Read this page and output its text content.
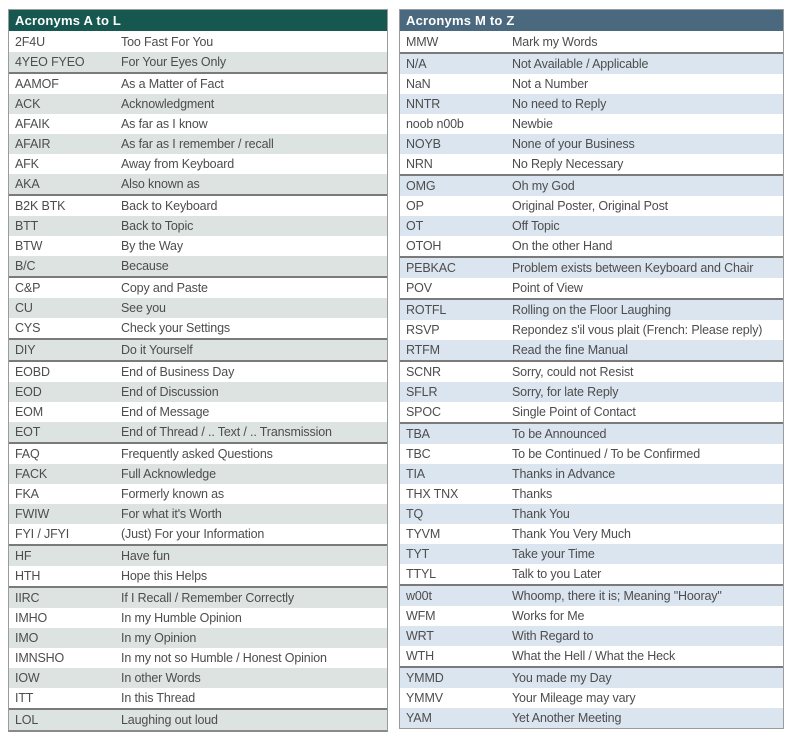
Acronyms A to L
2F4U	Too Fast For You
4YEO FYEO	For Your Eyes Only
AAMOF	As a Matter of Fact
ACK	Acknowledgment
AFAIK	As far as I know
AFAIR	As far as I remember / recall
AFK	Away from Keyboard
AKA	Also known as
B2K BTK	Back to Keyboard
BTT	Back to Topic
BTW	By the Way
B/C	Because
C&P	Copy and Paste
CU	See you
CYS	Check your Settings
DIY	Do it Yourself
EOBD	End of Business Day
EOD	End of Discussion
EOM	End of Message
EOT	End of Thread / .. Text / .. Transmission
FAQ	Frequently asked Questions
FACK	Full Acknowledge
FKA	Formerly known as
FWIW	For what it's Worth
FYI / JFYI	(Just) For your Information
HF	Have fun
HTH	Hope this Helps
IIRC	If I Recall / Remember Correctly
IMHO	In my Humble Opinion
IMO	In my Opinion
IMNSHO	In my not so Humble / Honest Opinion
IOW	In other Words
ITT	In this Thread
LOL	Laughing out loud
Acronyms M to Z
MMW	Mark my Words
N/A	Not Available / Applicable
NaN	Not a Number
NNTR	No need to Reply
noob n00b	Newbie
NOYB	None of your Business
NRN	No Reply Necessary
OMG	Oh my God
OP	Original Poster, Original Post
OT	Off Topic
OTOH	On the other Hand
PEBKAC	Problem exists between Keyboard and Chair
POV	Point of View
ROTFL	Rolling on the Floor Laughing
RSVP	Repondez s'il vous plait (French: Please reply)
RTFM	Read the fine Manual
SCNR	Sorry, could not Resist
SFLR	Sorry, for late Reply
SPOC	Single Point of Contact
TBA	To be Announced
TBC	To be Continued / To be Confirmed
TIA	Thanks in Advance
THX TNX	Thanks
TQ	Thank You
TYVM	Thank You Very Much
TYT	Take your Time
TTYL	Talk to you Later
w00t	Whoomp, there it is; Meaning "Hooray"
WFM	Works for Me
WRT	With Regard to
WTH	What the Hell / What the Heck
YMMD	You made my Day
YMMV	Your Mileage may vary
YAM	Yet Another Meeting
